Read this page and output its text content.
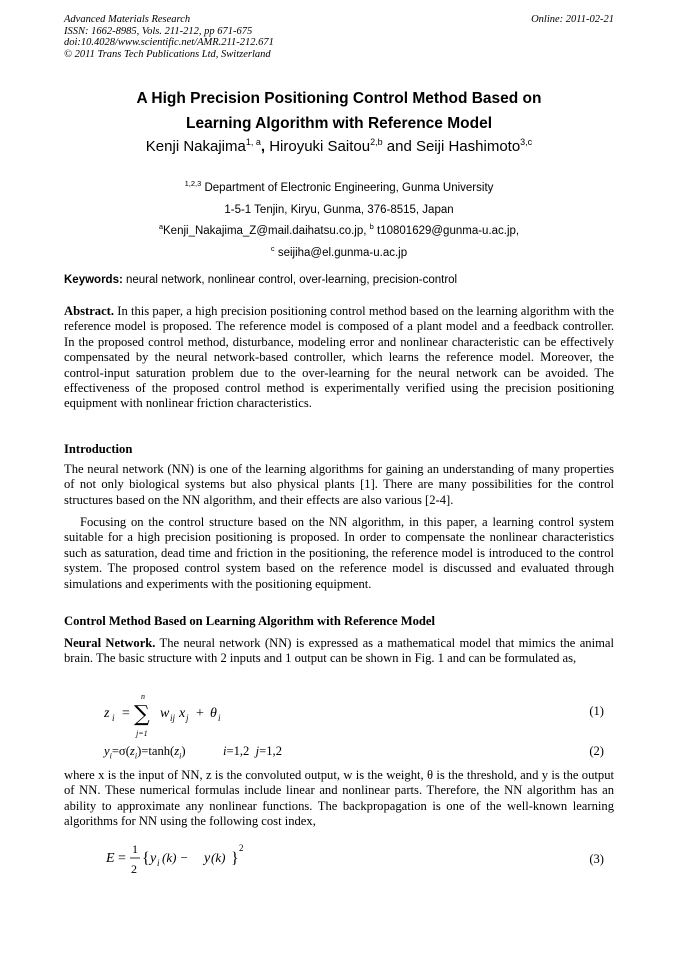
Advanced Materials Research
ISSN: 1662-8985, Vols. 211-212, pp 671-675
doi:10.4028/www.scientific.net/AMR.211-212.671
© 2011 Trans Tech Publications Ltd, Switzerland
Online: 2011-02-21
A High Precision Positioning Control Method Based on
Learning Algorithm with Reference Model
Kenji Nakajima$^{1, a}$, Hiroyuki Saitou$^{2,b}$ and Seiji Hashimoto$^{3,c}$
$^{1,2,3}$ Department of Electronic Engineering, Gunma University
1-5-1 Tenjin, Kiryu, Gunma, 376-8515, Japan
$^a$Kenji_Nakajima_Z@mail.daihatsu.co.jp, $^b$ t10801629@gunma-u.ac.jp,
$^c$ seijiha@el.gunma-u.ac.jp
Keywords: neural network, nonlinear control, over-learning, precision-control
Abstract. In this paper, a high precision positioning control method based on the learning algorithm with the reference model is proposed. The reference model is composed of a plant model and a feedback controller. In the proposed control method, disturbance, modeling error and nonlinear characteristic can be effectively compensated by the neural network-based controller, which learns the reference model. Moreover, the control-input saturation problem due to the over-learning for the neural network can be avoided. The effectiveness of the proposed control method is experimentally verified using the precision positioning equipment with nonlinear friction characteristics.
Introduction
The neural network (NN) is one of the learning algorithms for gaining an understanding of many properties of not only biological systems but also physical plants [1]. There are many possibilities for the control structures based on the NN algorithm, and their effects are also various [2-4].
Focusing on the control structure based on the NN algorithm, in this paper, a learning control system suitable for a high precision positioning is proposed. In order to compensate the nonlinear characteristics such as saturation, dead time and friction in the positioning, the reference model is introduced to the control system. The proposed control system based on the reference model is discussed and evaluated through simulations and experiments with the positioning equipment.
Control Method Based on Learning Algorithm with Reference Model
Neural Network. The neural network (NN) is expressed as a mathematical model that mimics the animal brain. The basic structure with 2 inputs and 1 output can be shown in Fig. 1 and can be formulated as,
z i =
n
∑
j=1
w ij x j + θ i	(1)
$y_i=\sigma(z_i)=\tanh(z_i)$	i=1,2 j=1,2	(2)
where x is the input of NN, z is the convoluted output, w is the weight, θ is the threshold, and y is the output of NN. These numerical formulas include linear and nonlinear parts. Therefore, the NN algorithm has an ability to approximate any nonlinear functions. The backpropagation is one of the well-known learning algorithms for NN using the following cost index,
E =
1
2
{ y i (k) − y (k) }
2
(3)
